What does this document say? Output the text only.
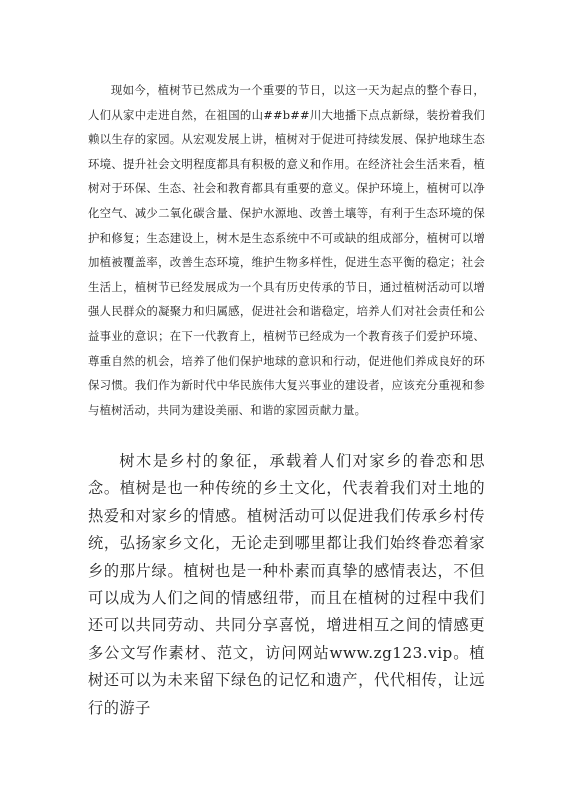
现如今，植树节已然成为一个重要的节日，以这一天为起点的整个春日，人们从家中走进自然，在祖国的山##b##川大地播下点点新绿，装扮着我们赖以生存的家园。从宏观发展上讲，植树对于促进可持续发展、保护地球生态环境、提升社会文明程度都具有积极的意义和作用。在经济社会生活来看，植树对于环保、生态、社会和教育都具有重要的意义。保护环境上，植树可以净化空气、减少二氧化碳含量、保护水源地、改善土壤等，有利于生态环境的保护和修复；生态建设上，树木是生态系统中不可或缺的组成部分，植树可以增加植被覆盖率，改善生态环境，维护生物多样性，促进生态平衡的稳定；社会生活上，植树节已经发展成为一个具有历史传承的节日，通过植树活动可以增强人民群众的凝聚力和归属感，促进社会和谐稳定，培养人们对社会责任和公益事业的意识；在下一代教育上，植树节已经成为一个教育孩子们爱护环境、尊重自然的机会，培养了他们保护地球的意识和行动，促进他们养成良好的环保习惯。我们作为新时代中华民族伟大复兴事业的建设者，应该充分重视和参与植树活动，共同为建设美丽、和谐的家园贡献力量。

树木是乡村的象征，承载着人们对家乡的眷恋和思念。植树是也一种传统的乡土文化，代表着我们对土地的热爱和对家乡的情感。植树活动可以促进我们传承乡村传统，弘扬家乡文化，无论走到哪里都让我们始终眷恋着家乡的那片绿。植树也是一种朴素而真挚的感情表达，不但可以成为人们之间的情感纽带，而且在植树的过程中我们还可以共同劳动、共同分享喜悦，增进相互之间的情感更多公文写作素材、范文，访问网站www.zg123.vip。植树还可以为未来留下绿色的记忆和遗产，代代相传，让远行的游子
